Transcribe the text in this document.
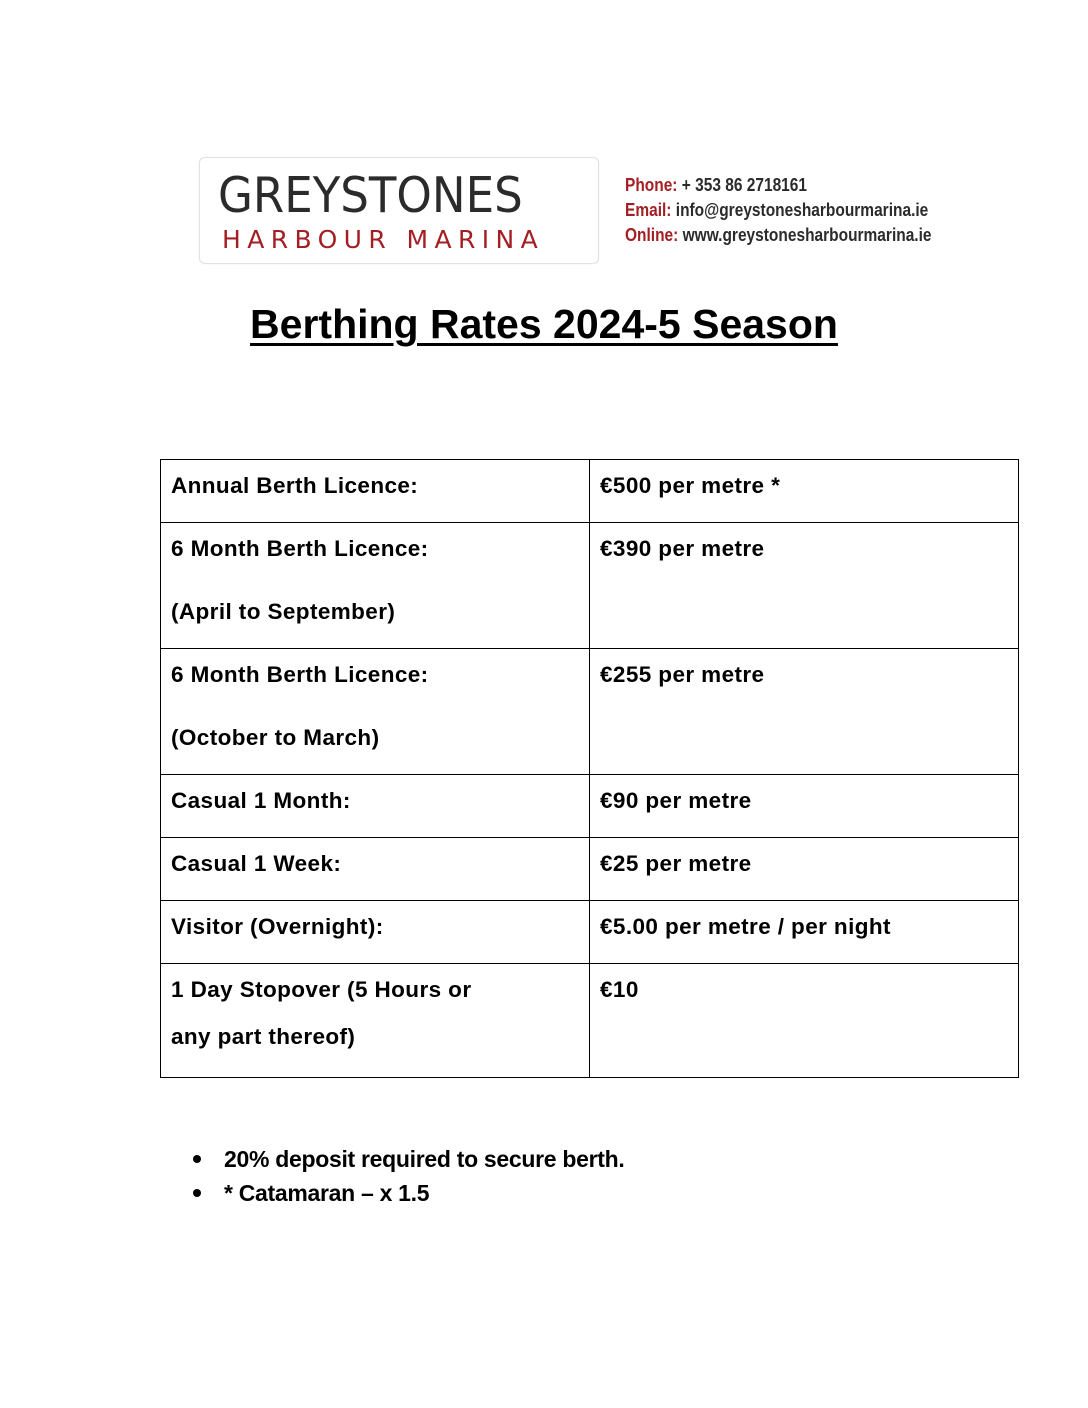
GREYSTONES
HARBOUR MARINA
Phone: + 353 86 2718161
Email: info@greystonesharbourmarina.ie
Online: www.greystonesharbourmarina.ie
Berthing Rates 2024-5 Season
Annual Berth Licence:	€500 per metre *

6 Month Berth Licence:
(April to September)	€390 per metre

6 Month Berth Licence:
(October to March)	€255 per metre

Casual 1 Month:	€90 per metre

Casual 1 Week:	€25 per metre

Visitor (Overnight):	€5.00 per metre / per night

1 Day Stopover (5 Hours or
any part thereof)	€10
20% deposit required to secure berth.
* Catamaran – x 1.5
